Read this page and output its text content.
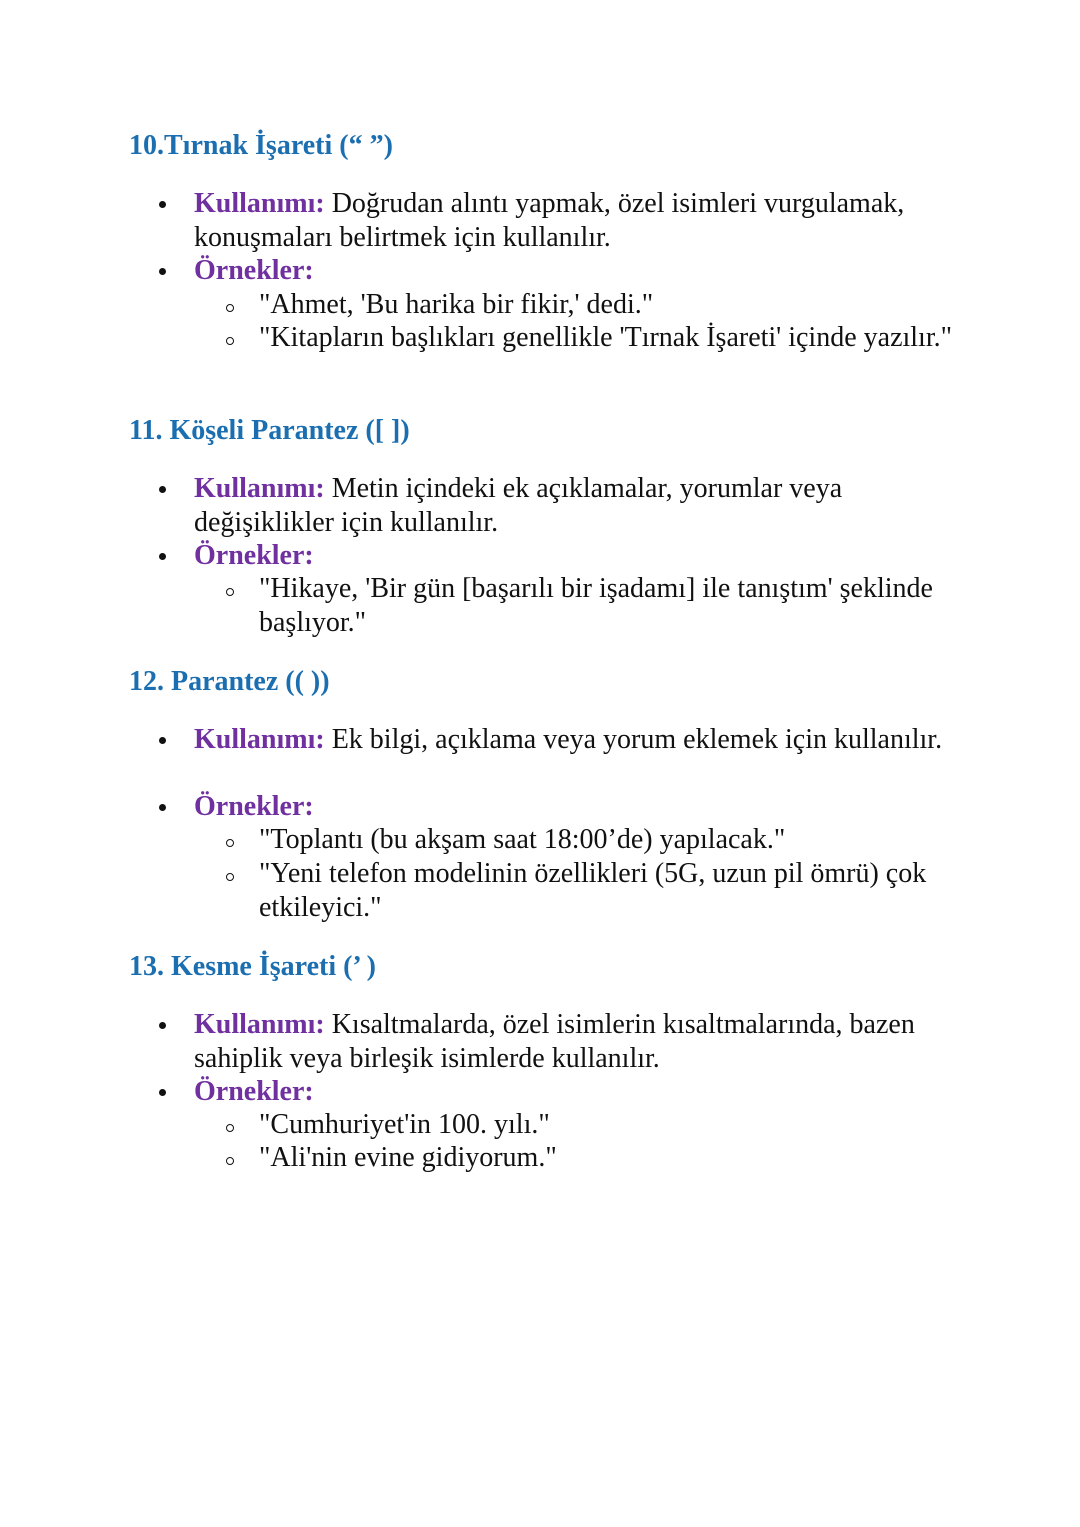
10.Tırnak İşareti (“ ”)
Kullanımı: Doğrudan alıntı yapmak, özel isimleri vurgulamak, konuşmaları belirtmek için kullanılır.
Örnekler:
"Ahmet, 'Bu harika bir fikir,' dedi."
"Kitapların başlıkları genellikle 'Tırnak İşareti' içinde yazılır."
11. Köşeli Parantez ([ ])
Kullanımı: Metin içindeki ek açıklamalar, yorumlar veya değişiklikler için kullanılır.
Örnekler:
"Hikaye, 'Bir gün [başarılı bir işadamı] ile tanıştım' şeklinde başlıyor."
12. Parantez (( ))
Kullanımı: Ek bilgi, açıklama veya yorum eklemek için kullanılır.
Örnekler:
"Toplantı (bu akşam saat 18:00’de) yapılacak."
"Yeni telefon modelinin özellikleri (5G, uzun pil ömrü) çok etkileyici."
13. Kesme İşareti (’ )
Kullanımı: Kısaltmalarda, özel isimlerin kısaltmalarında, bazen sahiplik veya birleşik isimlerde kullanılır.
Örnekler:
"Cumhuriyet'in 100. yılı."
"Ali'nin evine gidiyorum."
